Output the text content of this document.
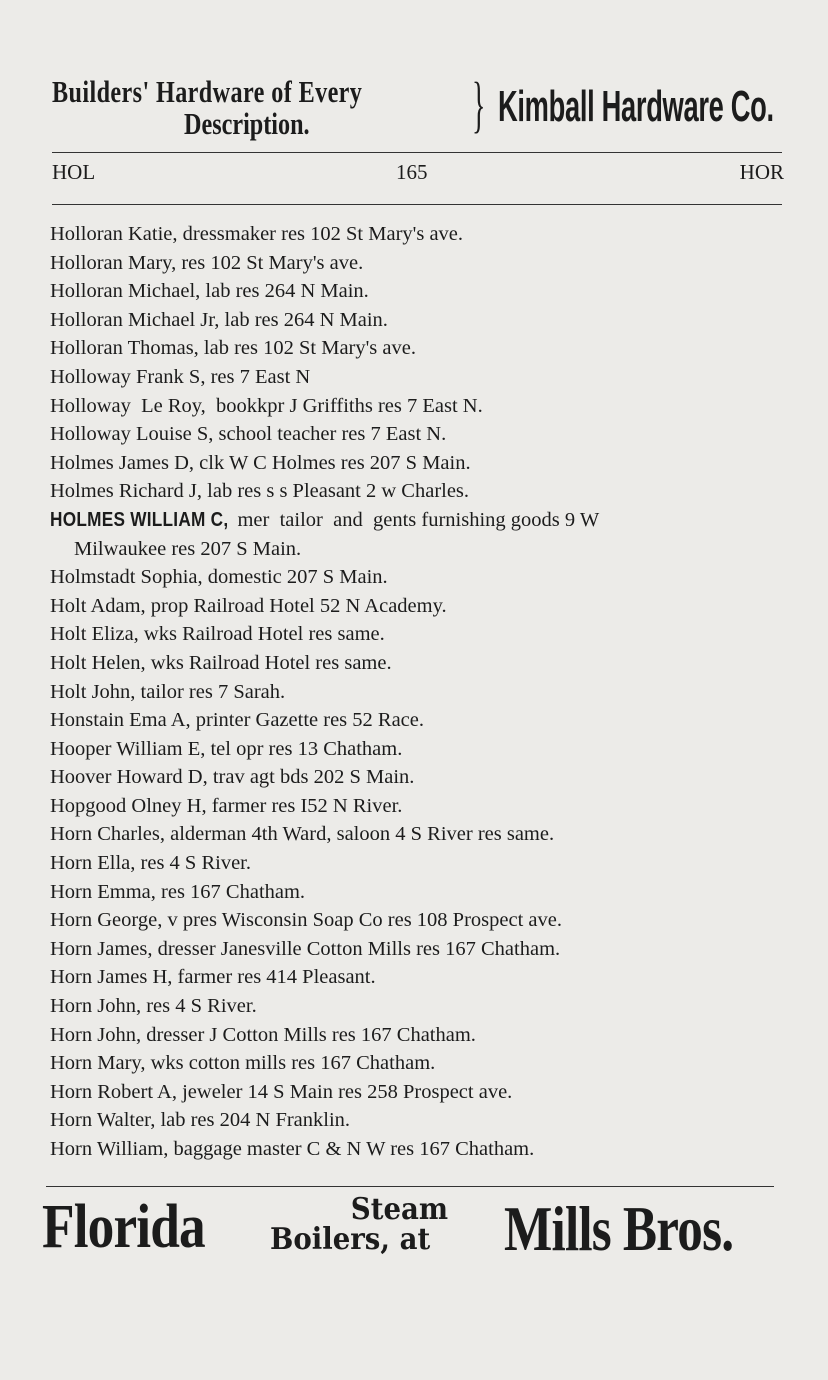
Builders' Hardware of Every
Description.	} Kimball Hardware Co.
HOL	165	HOR
Holloran Katie, dressmaker res 102 St Mary's ave.
Holloran Mary, res 102 St Mary's ave.
Holloran Michael, lab res 264 N Main.
Holloran Michael Jr, lab res 264 N Main.
Holloran Thomas, lab res 102 St Mary's ave.
Holloway Frank S, res 7 East N
Holloway  Le Roy,  bookkpr J Griffiths res 7 East N.
Holloway Louise S, school teacher res 7 East N.
Holmes James D, clk W C Holmes res 207 S Main.
Holmes Richard J, lab res s s Pleasant 2 w Charles.
HOLMES WILLIAM C, mer  tailor  and  gents furnishing goods 9 W
Milwaukee res 207 S Main.
Holmstadt Sophia, domestic 207 S Main.
Holt Adam, prop Railroad Hotel 52 N Academy.
Holt Eliza, wks Railroad Hotel res same.
Holt Helen, wks Railroad Hotel res same.
Holt John, tailor res 7 Sarah.
Honstain Ema A, printer Gazette res 52 Race.
Hooper William E, tel opr res 13 Chatham.
Hoover Howard D, trav agt bds 202 S Main.
Hopgood Olney H, farmer res I52 N River.
Horn Charles, alderman 4th Ward, saloon 4 S River res same.
Horn Ella, res 4 S River.
Horn Emma, res 167 Chatham.
Horn George, v pres Wisconsin Soap Co res 108 Prospect ave.
Horn James, dresser Janesville Cotton Mills res 167 Chatham.
Horn James H, farmer res 414 Pleasant.
Horn John, res 4 S River.
Horn John, dresser J Cotton Mills res 167 Chatham.
Horn Mary, wks cotton mills res 167 Chatham.
Horn Robert A, jeweler 14 S Main res 258 Prospect ave.
Horn Walter, lab res 204 N Franklin.
Horn William, baggage master C & N W res 167 Chatham.
Florida	Steam
Boilers, at Mills Bros.
